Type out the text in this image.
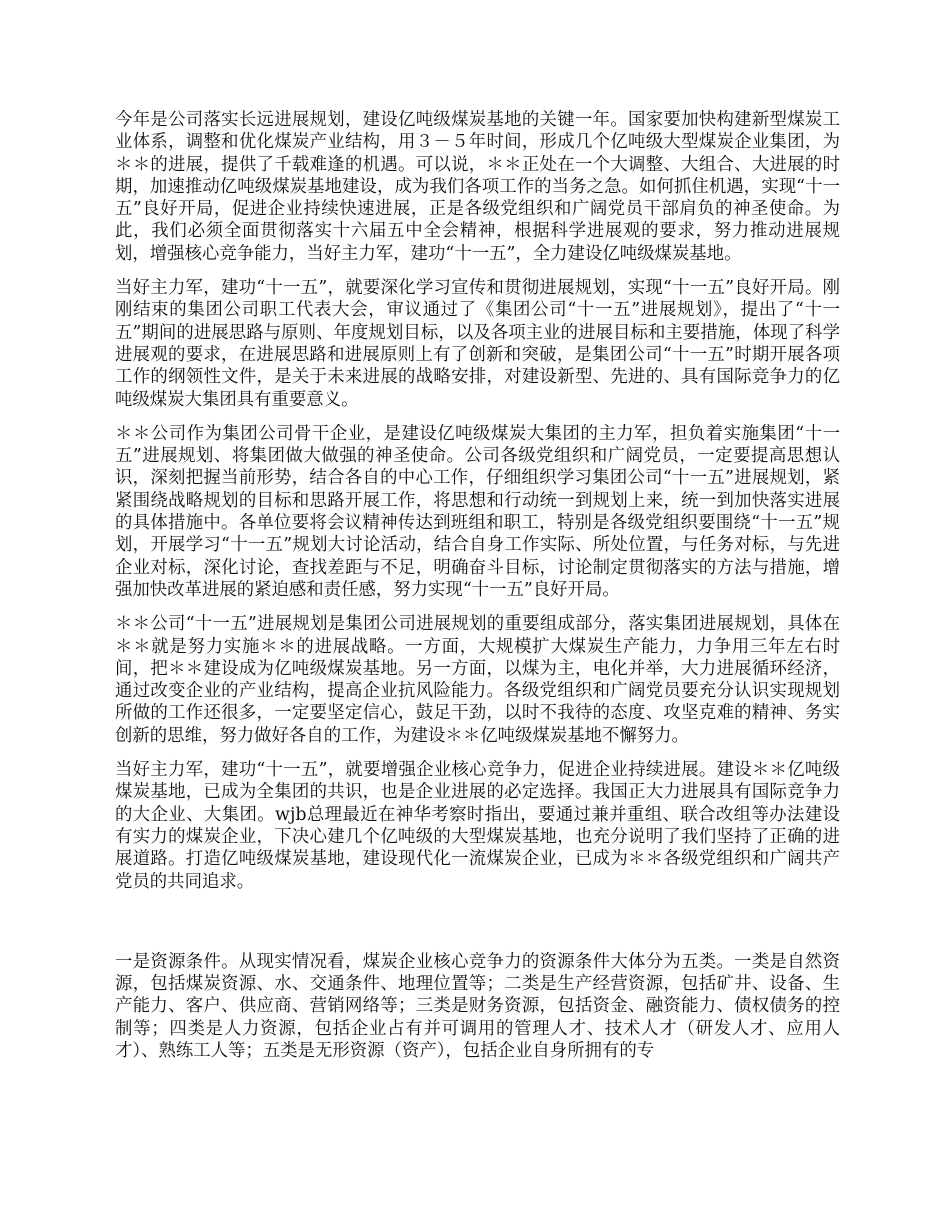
今年是公司落实长远进展规划，建设亿吨级煤炭基地的关键一年。国家要加快构建新型煤炭工业体系，调整和优化煤炭产业结构，用３－５年时间，形成几个亿吨级大型煤炭企业集团，为＊＊的进展，提供了千载难逢的机遇。可以说，＊＊正处在一个大调整、大组合、大进展的时期，加速推动亿吨级煤炭基地建设，成为我们各项工作的当务之急。如何抓住机遇，实现“十一五”良好开局，促进企业持续快速进展，正是各级党组织和广阔党员干部肩负的神圣使命。为此，我们必须全面贯彻落实十六届五中全会精神，根据科学进展观的要求，努力推动进展规划，增强核心竞争能力，当好主力军，建功“十一五”，全力建设亿吨级煤炭基地。

当好主力军，建功“十一五”，就要深化学习宣传和贯彻进展规划，实现“十一五”良好开局。刚刚结束的集团公司职工代表大会，审议通过了《集团公司“十一五”进展规划》，提出了“十一五”期间的进展思路与原则、年度规划目标，以及各项主业的进展目标和主要措施，体现了科学进展观的要求，在进展思路和进展原则上有了创新和突破，是集团公司“十一五”时期开展各项工作的纲领性文件，是关于未来进展的战略安排，对建设新型、先进的、具有国际竞争力的亿吨级煤炭大集团具有重要意义。

＊＊公司作为集团公司骨干企业，是建设亿吨级煤炭大集团的主力军，担负着实施集团“十一五”进展规划、将集团做大做强的神圣使命。公司各级党组织和广阔党员，一定要提高思想认识，深刻把握当前形势，结合各自的中心工作，仔细组织学习集团公司“十一五”进展规划，紧紧围绕战略规划的目标和思路开展工作，将思想和行动统一到规划上来，统一到加快落实进展的具体措施中。各单位要将会议精神传达到班组和职工，特别是各级党组织要围绕“十一五”规划，开展学习“十一五”规划大讨论活动，结合自身工作实际、所处位置，与任务对标，与先进企业对标，深化讨论，查找差距与不足，明确奋斗目标，讨论制定贯彻落实的方法与措施，增强加快改革进展的紧迫感和责任感，努力实现“十一五”良好开局。

＊＊公司“十一五”进展规划是集团公司进展规划的重要组成部分，落实集团进展规划，具体在＊＊就是努力实施＊＊的进展战略。一方面，大规模扩大煤炭生产能力，力争用三年左右时间，把＊＊建设成为亿吨级煤炭基地。另一方面，以煤为主，电化并举，大力进展循环经济，通过改变企业的产业结构，提高企业抗风险能力。各级党组织和广阔党员要充分认识实现规划所做的工作还很多，一定要坚定信心，鼓足干劲，以时不我待的态度、攻坚克难的精神、务实创新的思维，努力做好各自的工作，为建设＊＊亿吨级煤炭基地不懈努力。

当好主力军，建功“十一五”，就要增强企业核心竞争力，促进企业持续进展。建设＊＊亿吨级煤炭基地，已成为全集团的共识，也是企业进展的必定选择。我国正大力进展具有国际竞争力的大企业、大集团。wjb总理最近在神华考察时指出，要通过兼并重组、联合改组等办法建设有实力的煤炭企业，下决心建几个亿吨级的大型煤炭基地，也充分说明了我们坚持了正确的进展道路。打造亿吨级煤炭基地，建设现代化一流煤炭企业，已成为＊＊各级党组织和广阔共产党员的共同追求。

一是资源条件。从现实情况看，煤炭企业核心竞争力的资源条件大体分为五类。一类是自然资源，包括煤炭资源、水、交通条件、地理位置等；二类是生产经营资源，包括矿井、设备、生产能力、客户、供应商、营销网络等；三类是财务资源，包括资金、融资能力、债权债务的控制等；四类是人力资源，包括企业占有并可调用的管理人才、技术人才（研发人才、应用人才）、熟练工人等；五类是无形资源（资产），包括企业自身所拥有的专
